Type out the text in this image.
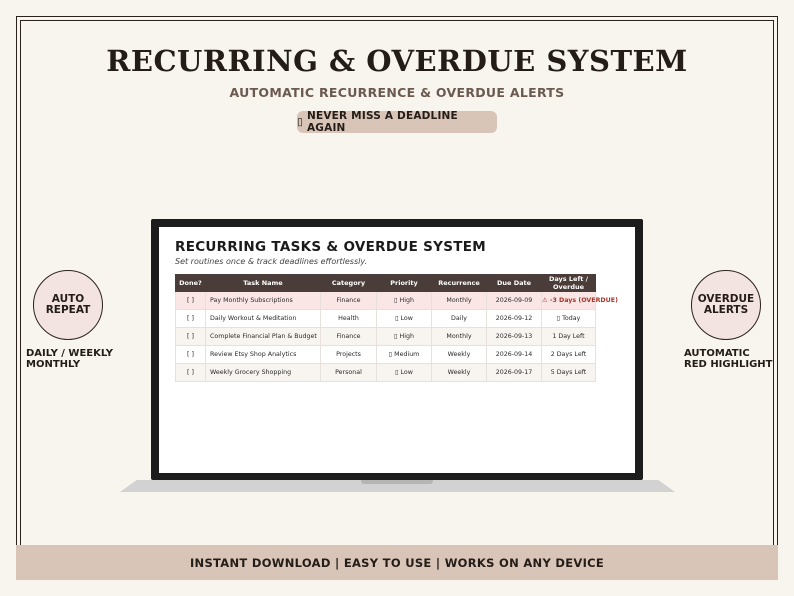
RECURRING & OVERDUE SYSTEM
AUTOMATIC RECURRENCE & OVERDUE ALERTS
▯ NEVER MISS A DEADLINE AGAIN
AUTO
REPEAT
DAILY / WEEKLY
MONTHLY
OVERDUE
ALERTS
AUTOMATIC
RED HIGHLIGHT
RECURRING TASKS & OVERDUE SYSTEM
Set routines once & track deadlines effortlessly.
Done?	Task Name	Category	Priority	Recurrence	Due Date	Days Left / Overdue
[ ]	Pay Monthly Subscriptions	Finance	▯ High	Monthly	2026-09-09	⚠ -3 Days (OVERDUE)
[ ]	Daily Workout & Meditation	Health	▯ Low	Daily	2026-09-12	▯ Today
[ ]	Complete Financial Plan & Budget	Finance	▯ High	Monthly	2026-09-13	1 Day Left
[ ]	Review Etsy Shop Analytics	Projects	▯ Medium	Weekly	2026-09-14	2 Days Left
[ ]	Weekly Grocery Shopping	Personal	▯ Low	Weekly	2026-09-17	5 Days Left
INSTANT DOWNLOAD | EASY TO USE | WORKS ON ANY DEVICE
